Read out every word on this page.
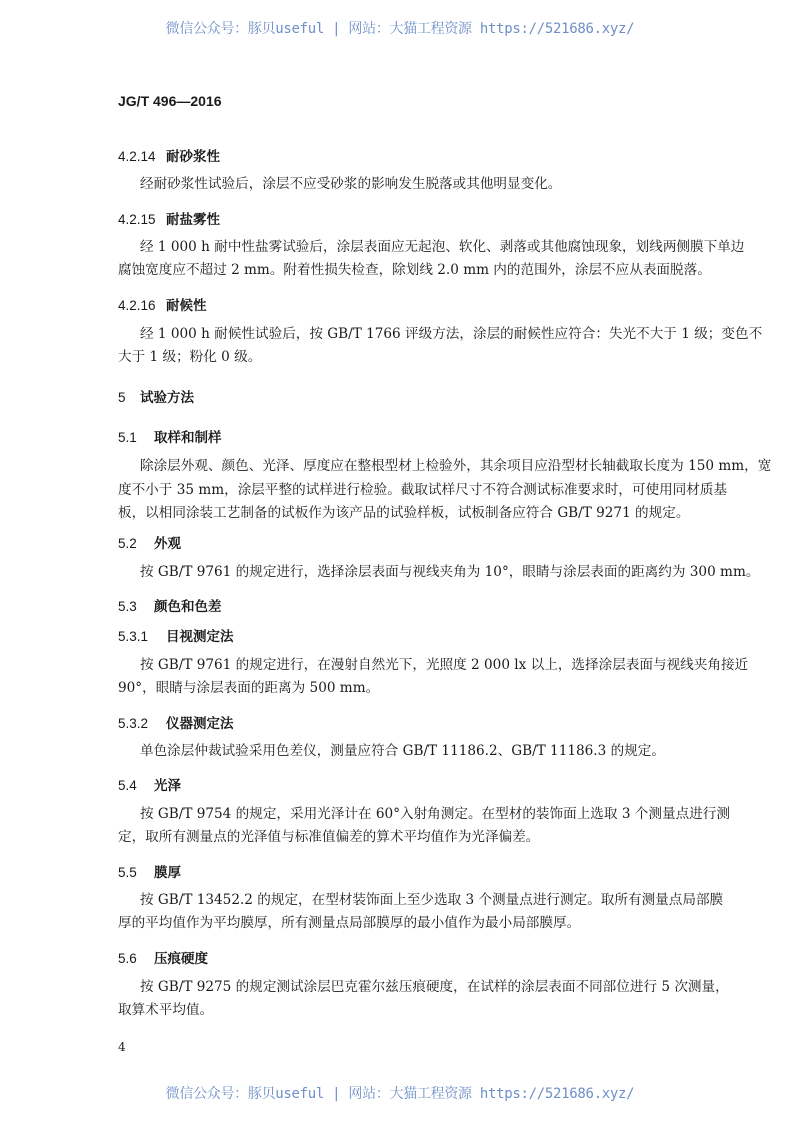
微信公众号：豚贝useful | 网站：大猫工程资源 https://521686.xyz/
JG/T 496—2016
4.2.14 耐砂浆性
经耐砂浆性试验后，涂层不应受砂浆的影响发生脱落或其他明显变化。
4.2.15 耐盐雾性
经 1 000 h 耐中性盐雾试验后，涂层表面应无起泡、软化、剥落或其他腐蚀现象，划线两侧膜下单边
腐蚀宽度应不超过 2 mm。附着性损失检查，除划线 2.0 mm 内的范围外，涂层不应从表面脱落。
4.2.16 耐候性
经 1 000 h 耐候性试验后，按 GB/T 1766 评级方法，涂层的耐候性应符合：失光不大于 1 级；变色不
大于 1 级；粉化 0 级。
5 试验方法
5.1 取样和制样
除涂层外观、颜色、光泽、厚度应在整根型材上检验外，其余项目应沿型材长轴截取长度为 150 mm，宽
度不小于 35 mm，涂层平整的试样进行检验。截取试样尺寸不符合测试标准要求时，可使用同材质基
板，以相同涂装工艺制备的试板作为该产品的试验样板，试板制备应符合 GB/T 9271 的规定。
5.2 外观
按 GB/T 9761 的规定进行，选择涂层表面与视线夹角为 10°，眼睛与涂层表面的距离约为 300 mm。
5.3 颜色和色差
5.3.1 目视测定法
按 GB/T 9761 的规定进行，在漫射自然光下，光照度 2 000 lx 以上，选择涂层表面与视线夹角接近
90°，眼睛与涂层表面的距离为 500 mm。
5.3.2 仪器测定法
单色涂层仲裁试验采用色差仪，测量应符合 GB/T 11186.2、GB/T 11186.3 的规定。
5.4 光泽
按 GB/T 9754 的规定，采用光泽计在 60°入射角测定。在型材的装饰面上选取 3 个测量点进行测
定，取所有测量点的光泽值与标准值偏差的算术平均值作为光泽偏差。
5.5 膜厚
按 GB/T 13452.2 的规定，在型材装饰面上至少选取 3 个测量点进行测定。取所有测量点局部膜
厚的平均值作为平均膜厚，所有测量点局部膜厚的最小值作为最小局部膜厚。
5.6 压痕硬度
按 GB/T 9275 的规定测试涂层巴克霍尔兹压痕硬度，在试样的涂层表面不同部位进行 5 次测量，
取算术平均值。
4
微信公众号：豚贝useful | 网站：大猫工程资源 https://521686.xyz/
